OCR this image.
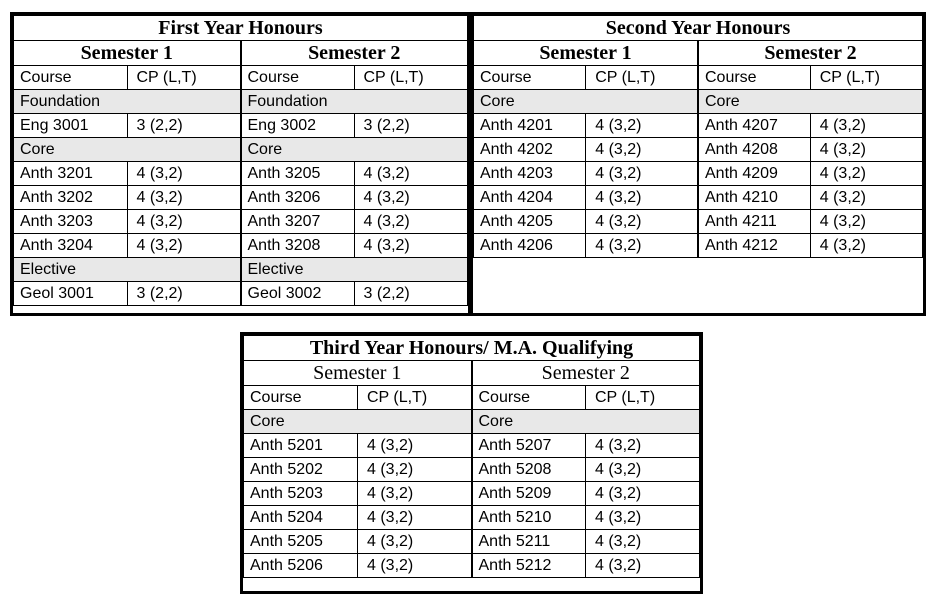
First Year Honours			
Semester 1		Semester 2	
Course	CP (L,T)	Course	CP (L,T)
Foundation		Foundation	
Eng 3001	3 (2,2)	Eng 3002	3 (2,2)
Core		Core	
Anth 3201	4 (3,2)	Anth 3205	4 (3,2)
Anth 3202	4 (3,2)	Anth 3206	4 (3,2)
Anth 3203	4 (3,2)	Anth 3207	4 (3,2)
Anth 3204	4 (3,2)	Anth 3208	4 (3,2)
Elective		Elective	
Geol 3001	3 (2,2)	Geol 3002	3 (2,2)
Second Year Honours			
Semester 1		Semester 2	
Course	CP (L,T)	Course	CP (L,T)
Core		Core	
Anth 4201	4 (3,2)	Anth 4207	4 (3,2)
Anth 4202	4 (3,2)	Anth 4208	4 (3,2)
Anth 4203	4 (3,2)	Anth 4209	4 (3,2)
Anth 4204	4 (3,2)	Anth 4210	4 (3,2)
Anth 4205	4 (3,2)	Anth 4211	4 (3,2)
Anth 4206	4 (3,2)	Anth 4212	4 (3,2)

Third Year Honours/ M.A. Qualifying			
Semester 1		Semester 2	
Course	CP (L,T)	Course	CP (L,T)
Core		Core	
Anth 5201	4 (3,2)	Anth 5207	4 (3,2)
Anth 5202	4 (3,2)	Anth 5208	4 (3,2)
Anth 5203	4 (3,2)	Anth 5209	4 (3,2)
Anth 5204	4 (3,2)	Anth 5210	4 (3,2)
Anth 5205	4 (3,2)	Anth 5211	4 (3,2)
Anth 5206	4 (3,2)	Anth 5212	4 (3,2)
